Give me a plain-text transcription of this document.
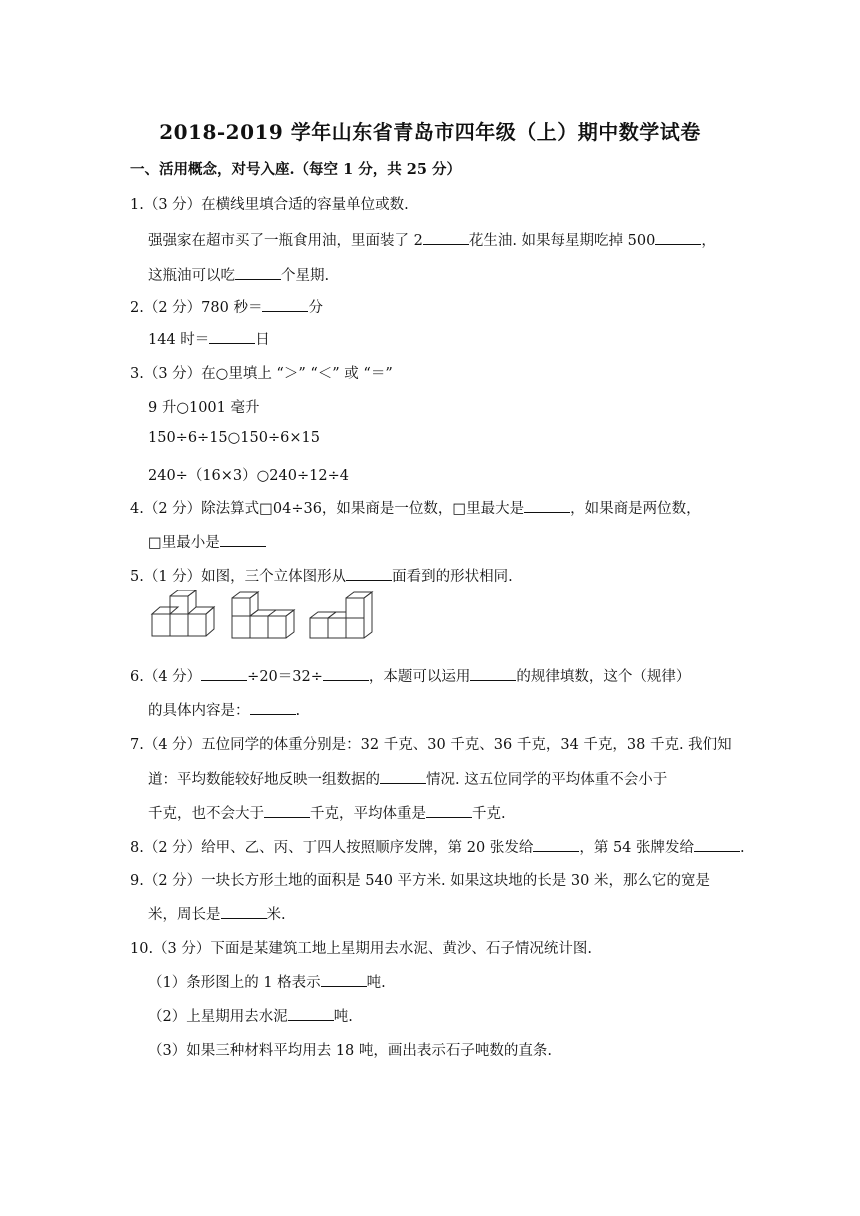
2018-2019 学年山东省青岛市四年级（上）期中数学试卷
一、活用概念，对号入座.（每空 1 分，共 25 分）
1.（3 分）在横线里填合适的容量单位或数.
强强家在超市买了一瓶食用油，里面装了 2	花生油. 如果每星期吃掉 500	，
这瓶油可以吃	个星期.
2.（2 分）780 秒＝	分
144 时＝	日
3.（3 分）在○里填上 “＞” “＜” 或 “＝”
9 升○1001 毫升
150÷6÷15○150÷6×15
240÷（16×3）○240÷12÷4
4.（2 分）除法算式□04÷36，如果商是一位数，□里最大是	，如果商是两位数，
□里最小是
5.（1 分）如图，三个立体图形从	面看到的形状相同.
6.（4 分）	÷20＝32÷	，本题可以运用	的规律填数，这个（规律）
的具体内容是：	.
7.（4 分）五位同学的体重分别是：32 千克、30 千克、36 千克，34 千克，38 千克. 我们知
道：平均数能较好地反映一组数据的	情况. 这五位同学的平均体重不会小于
千克，也不会大于	千克，平均体重是	千克.
8.（2 分）给甲、乙、丙、丁四人按照顺序发牌，第 20 张发给	，第 54 张牌发给	.
9.（2 分）一块长方形土地的面积是 540 平方米. 如果这块地的长是 30 米，那么它的宽是
米，周长是	米.
10.（3 分）下面是某建筑工地上星期用去水泥、黄沙、石子情况统计图.
（1）条形图上的 1 格表示	吨.
（2）上星期用去水泥	吨.
（3）如果三种材料平均用去 18 吨，画出表示石子吨数的直条.
